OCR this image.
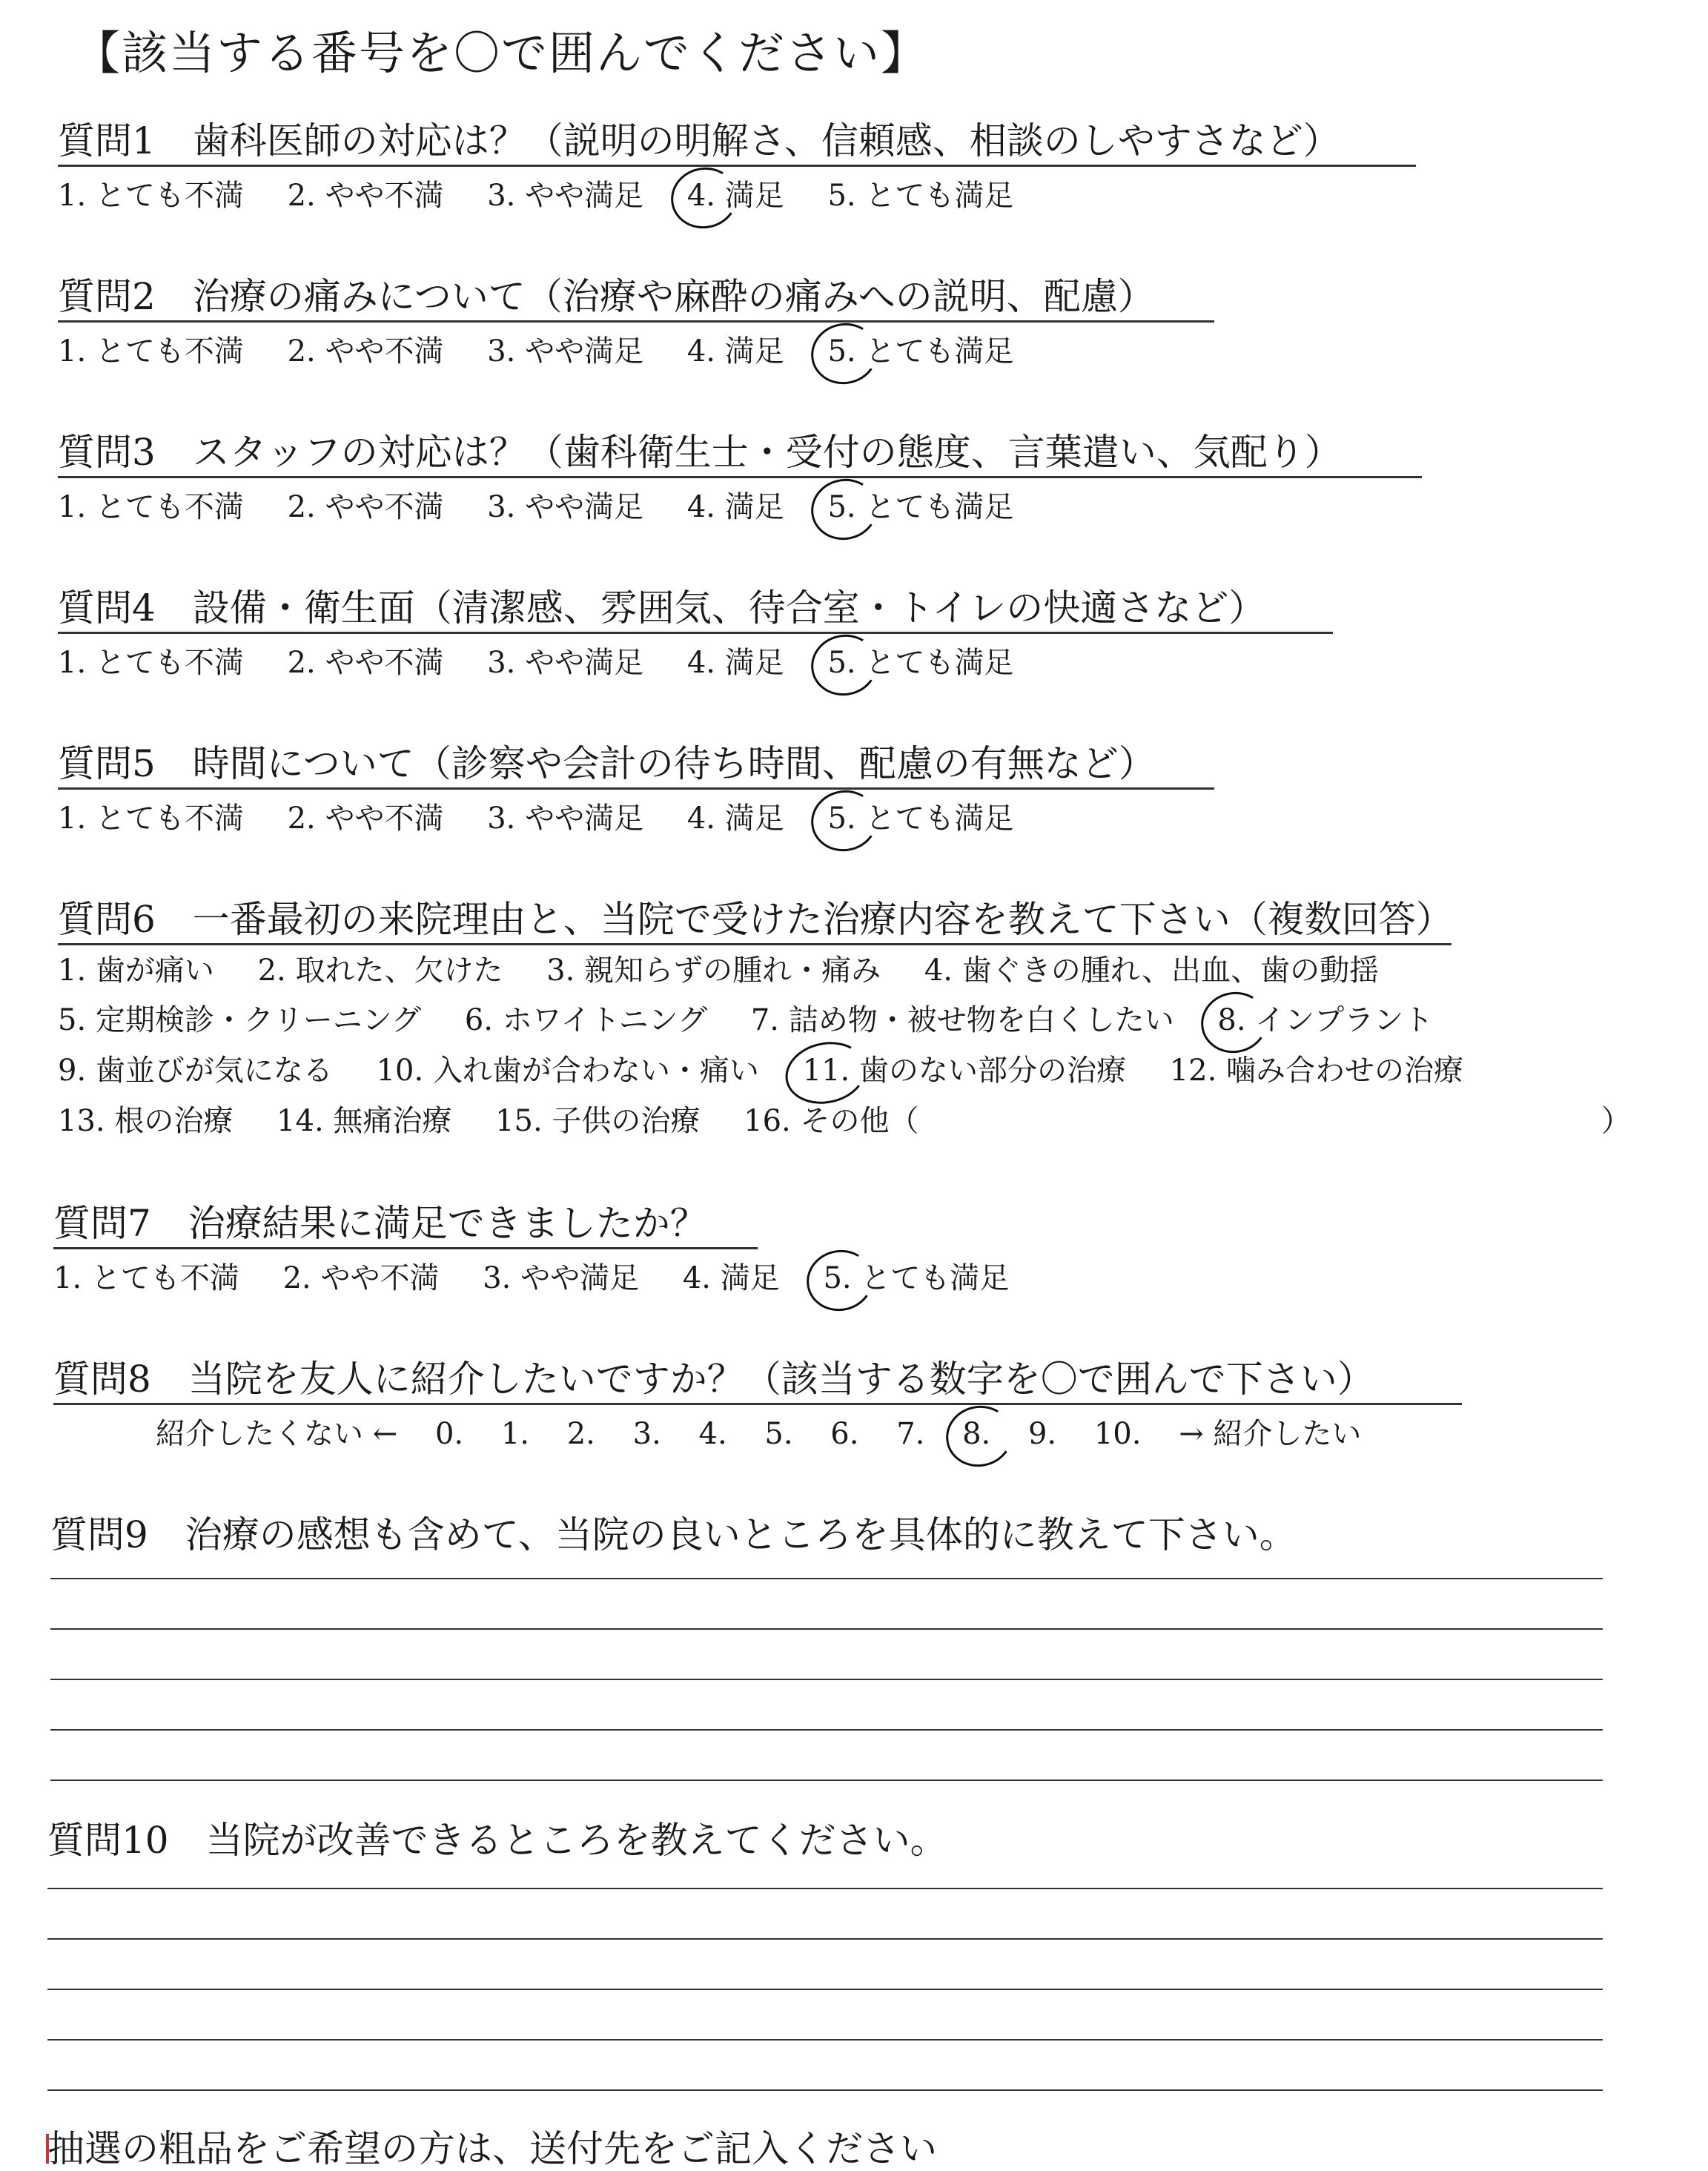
【該当する番号を〇で囲んでください】
質問1　歯科医師の対応は？（説明の明解さ、信頼感、相談のしやすさなど）
1. とても不満 2. やや不満 3. やや満足 4. 満足 5. とても満足
質問2　治療の痛みについて（治療や麻酔の痛みへの説明、配慮）
1. とても不満 2. やや不満 3. やや満足 4. 満足 5. とても満足
質問3　スタッフの対応は？（歯科衛生士・受付の態度、言葉遣い、気配り）
1. とても不満 2. やや不満 3. やや満足 4. 満足 5. とても満足
質問4　設備・衛生面（清潔感、雰囲気、待合室・トイレの快適さなど）
1. とても不満 2. やや不満 3. やや満足 4. 満足 5. とても満足
質問5　時間について（診察や会計の待ち時間、配慮の有無など）
1. とても不満 2. やや不満 3. やや満足 4. 満足 5. とても満足
質問6　一番最初の来院理由と、当院で受けた治療内容を教えて下さい（複数回答）
1. 歯が痛い 2. 取れた、欠けた 3. 親知らずの腫れ・痛み 4. 歯ぐきの腫れ、出血、歯の動揺
5. 定期検診・クリーニング 6. ホワイトニング 7. 詰め物・被せ物を白くしたい 8. インプラント
9. 歯並びが気になる 10. 入れ歯が合わない・痛い 11. 歯のない部分の治療 12. 噛み合わせの治療
13. 根の治療 14. 無痛治療 15. 子供の治療 16. その他（	）
質問7　治療結果に満足できましたか？
1. とても不満 2. やや不満 3. やや満足 4. 満足 5. とても満足
質問8　当院を友人に紹介したいですか？（該当する数字を〇で囲んで下さい）
紹介したくない ← 0. 1. 2. 3. 4. 5. 6. 7. 8. 9. 10. → 紹介したい
質問9　治療の感想も含めて、当院の良いところを具体的に教えて下さい。
質問10　当院が改善できるところを教えてください。
抽選の粗品をご希望の方は、送付先をご記入ください
